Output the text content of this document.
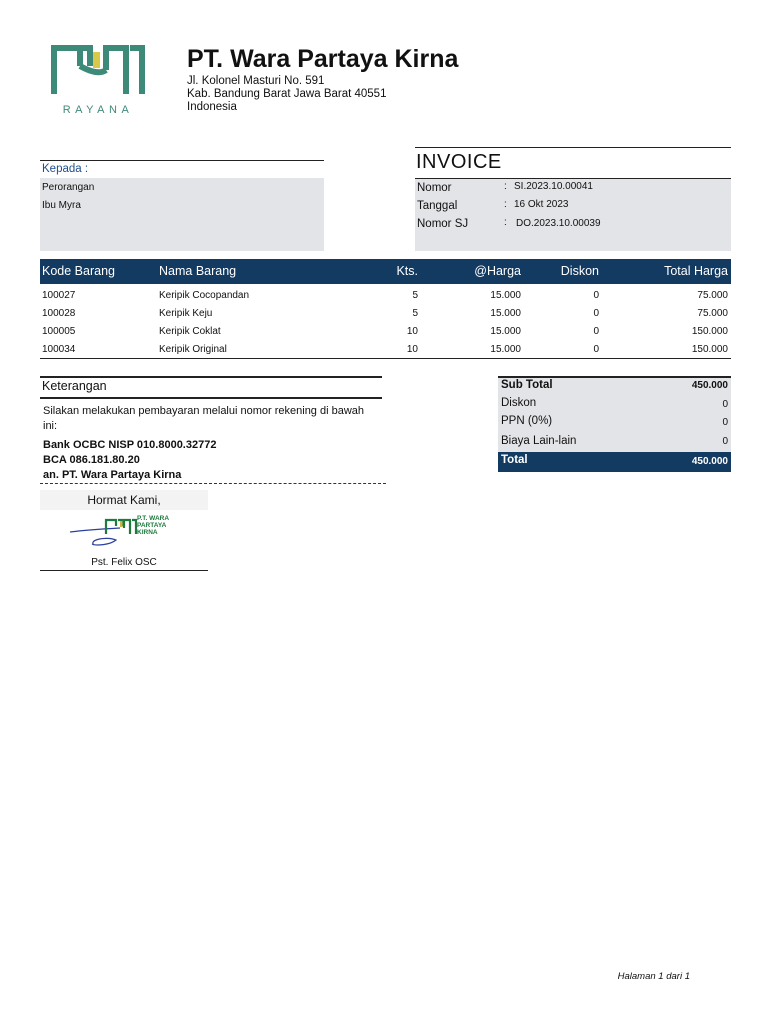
RAYANA
PT. Wara Partaya Kirna
Jl. Kolonel Masturi No. 591
Kab. Bandung Barat Jawa Barat 40551
Indonesia
Kepada :
Perorangan
Ibu Myra
INVOICE
Nomor	: SI.2023.10.00041
Tanggal	: 16 Okt 2023
Nomor SJ	: DO.2023.10.00039
Kode Barang	Nama Barang	Kts.	@Harga	Diskon	Total Harga
100027	Keripik Cocopandan	5	15.000	0	75.000
100028	Keripik Keju	5	15.000	0	75.000
100005	Keripik Coklat	10	15.000	0	150.000
100034	Keripik Original	10	15.000	0	150.000
Keterangan
Silakan melakukan pembayaran melalui nomor rekening di bawah ini:
Bank OCBC NISP 010.8000.32772
BCA 086.181.80.20
an. PT. Wara Partaya Kirna
Hormat Kami,
P.T. WARA
PARTAYA
KIRNA
Pst. Felix OSC
Sub Total	450.000
Diskon	0
PPN (0%)	0
Biaya Lain-lain	0
Total	450.000
Halaman 1 dari 1
